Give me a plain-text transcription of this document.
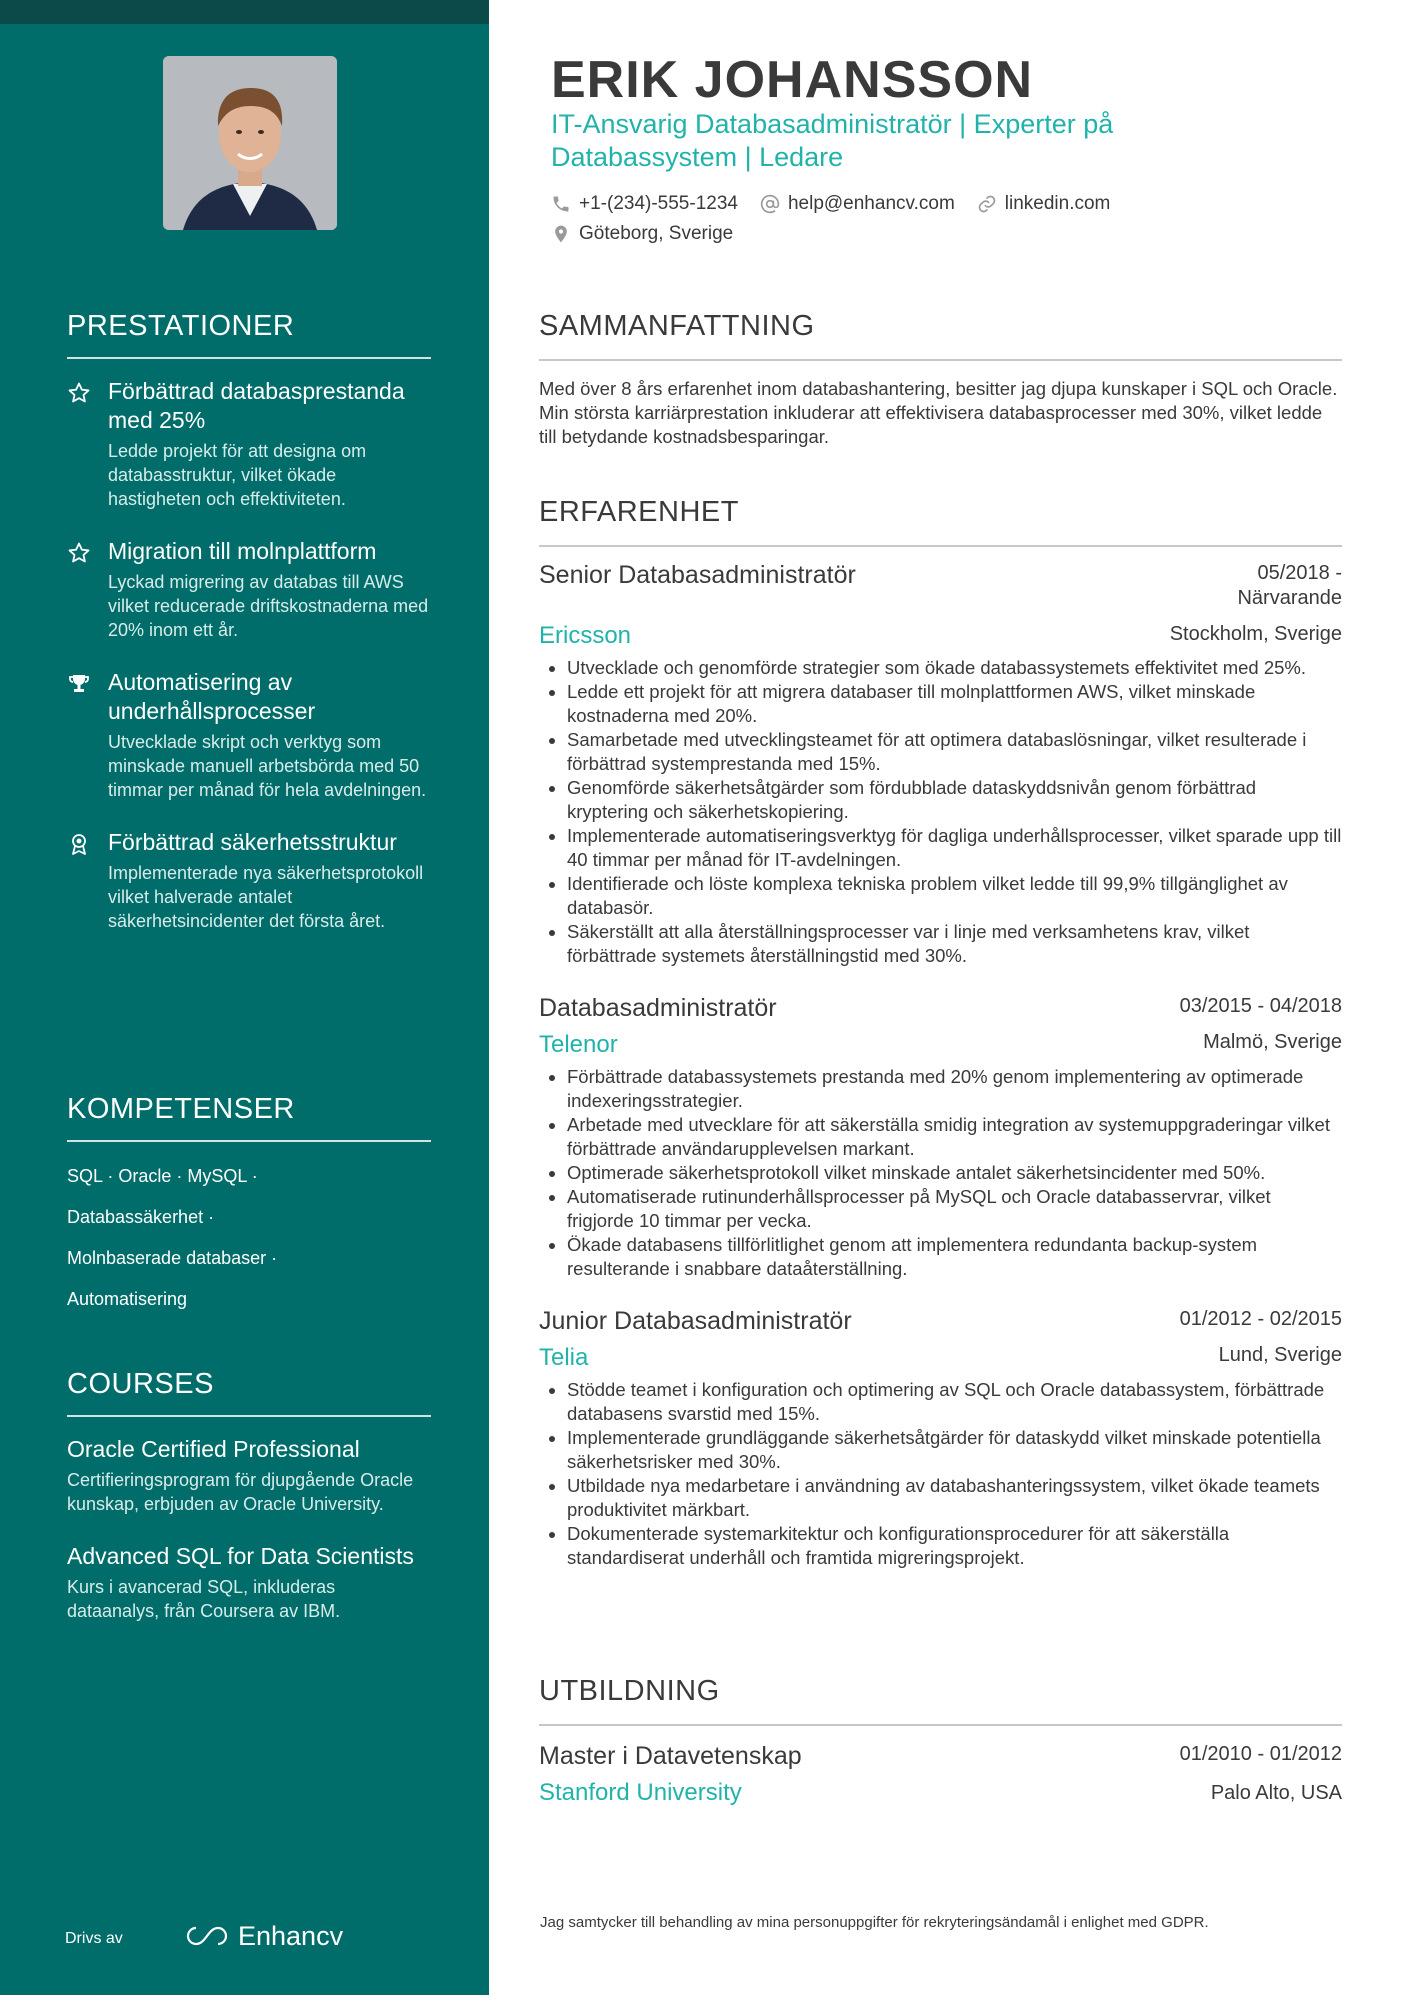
PRESTATIONER
Förbättrad databasprestanda med 25%

Ledde projekt för att designa om databasstruktur, vilket ökade hastigheten och effektiviteten.

Migration till molnplattform

Lyckad migrering av databas till AWS vilket reducerade driftskostnaderna med 20% inom ett år.

Automatisering av underhållsprocesser

Utvecklade skript och verktyg som minskade manuell arbetsbörda med 50 timmar per månad för hela avdelningen.

Förbättrad säkerhetsstruktur

Implementerade nya säkerhetsprotokoll vilket halverade antalet säkerhetsincidenter det första året.

KOMPETENSER
SQL · Oracle · MySQL ·
Databassäkerhet ·
Molnbaserade databaser ·
Automatisering
COURSES
Oracle Certified Professional

Certifieringsprogram för djupgående Oracle kunskap, erbjuden av Oracle University.

Advanced SQL for Data Scientists

Kurs i avancerad SQL, inkluderas dataanalys, från Coursera av IBM.

Drivs av	Enhancv
ERIK JOHANSSON
IT-Ansvarig Databasadministratör | Experter på
Databassystem | Ledare
+1-(234)-555-1234	help@enhancv.com	linkedin.com
Göteborg, Sverige
SAMMANFATTNING

Med över 8 års erfarenhet inom databashantering, besitter jag djupa kunskaper i SQL och Oracle. Min största karriärprestation inkluderar att effektivisera databasprocesser med 30%, vilket ledde till betydande kostnadsbesparingar.

ERFARENHET
Senior Databasadministratör	05/2018 -
Närvarande
Ericsson	Stockholm, Sverige
• Utvecklade och genomförde strategier som ökade databassystemets effektivitet med 25%.
• Ledde ett projekt för att migrera databaser till molnplattformen AWS, vilket minskade kostnaderna med 20%.
• Samarbetade med utvecklingsteamet för att optimera databaslösningar, vilket resulterade i förbättrad systemprestanda med 15%.
• Genomförde säkerhetsåtgärder som fördubblade dataskyddsnivån genom förbättrad kryptering och säkerhetskopiering.
• Implementerade automatiseringsverktyg för dagliga underhållsprocesser, vilket sparade upp till 40 timmar per månad för IT-avdelningen.
• Identifierade och löste komplexa tekniska problem vilket ledde till 99,9% tillgänglighet av databasör.
• Säkerställt att alla återställningsprocesser var i linje med verksamhetens krav, vilket förbättrade systemets återställningstid med 30%.
Databasadministratör	03/2015 - 04/2018
Telenor	Malmö, Sverige
• Förbättrade databassystemets prestanda med 20% genom implementering av optimerade indexeringsstrategier.
• Arbetade med utvecklare för att säkerställa smidig integration av systemuppgraderingar vilket förbättrade användarupplevelsen markant.
• Optimerade säkerhetsprotokoll vilket minskade antalet säkerhetsincidenter med 50%.
• Automatiserade rutinunderhållsprocesser på MySQL och Oracle databasservrar, vilket frigjorde 10 timmar per vecka.
• Ökade databasens tillförlitlighet genom att implementera redundanta backup-system resulterande i snabbare dataåterställning.
Junior Databasadministratör	01/2012 - 02/2015
Telia	Lund, Sverige
• Stödde teamet i konfiguration och optimering av SQL och Oracle databassystem, förbättrade databasens svarstid med 15%.
• Implementerade grundläggande säkerhetsåtgärder för dataskydd vilket minskade potentiella säkerhetsrisker med 30%.
• Utbildade nya medarbetare i användning av databashanteringssystem, vilket ökade teamets produktivitet märkbart.
• Dokumenterade systemarkitektur och konfigurationsprocedurer för att säkerställa standardiserat underhåll och framtida migreringsprojekt.
UTBILDNING
Master i Datavetenskap	01/2010 - 01/2012
Stanford University	Palo Alto, USA
Jag samtycker till behandling av mina personuppgifter för rekryteringsändamål i enlighet med GDPR.
